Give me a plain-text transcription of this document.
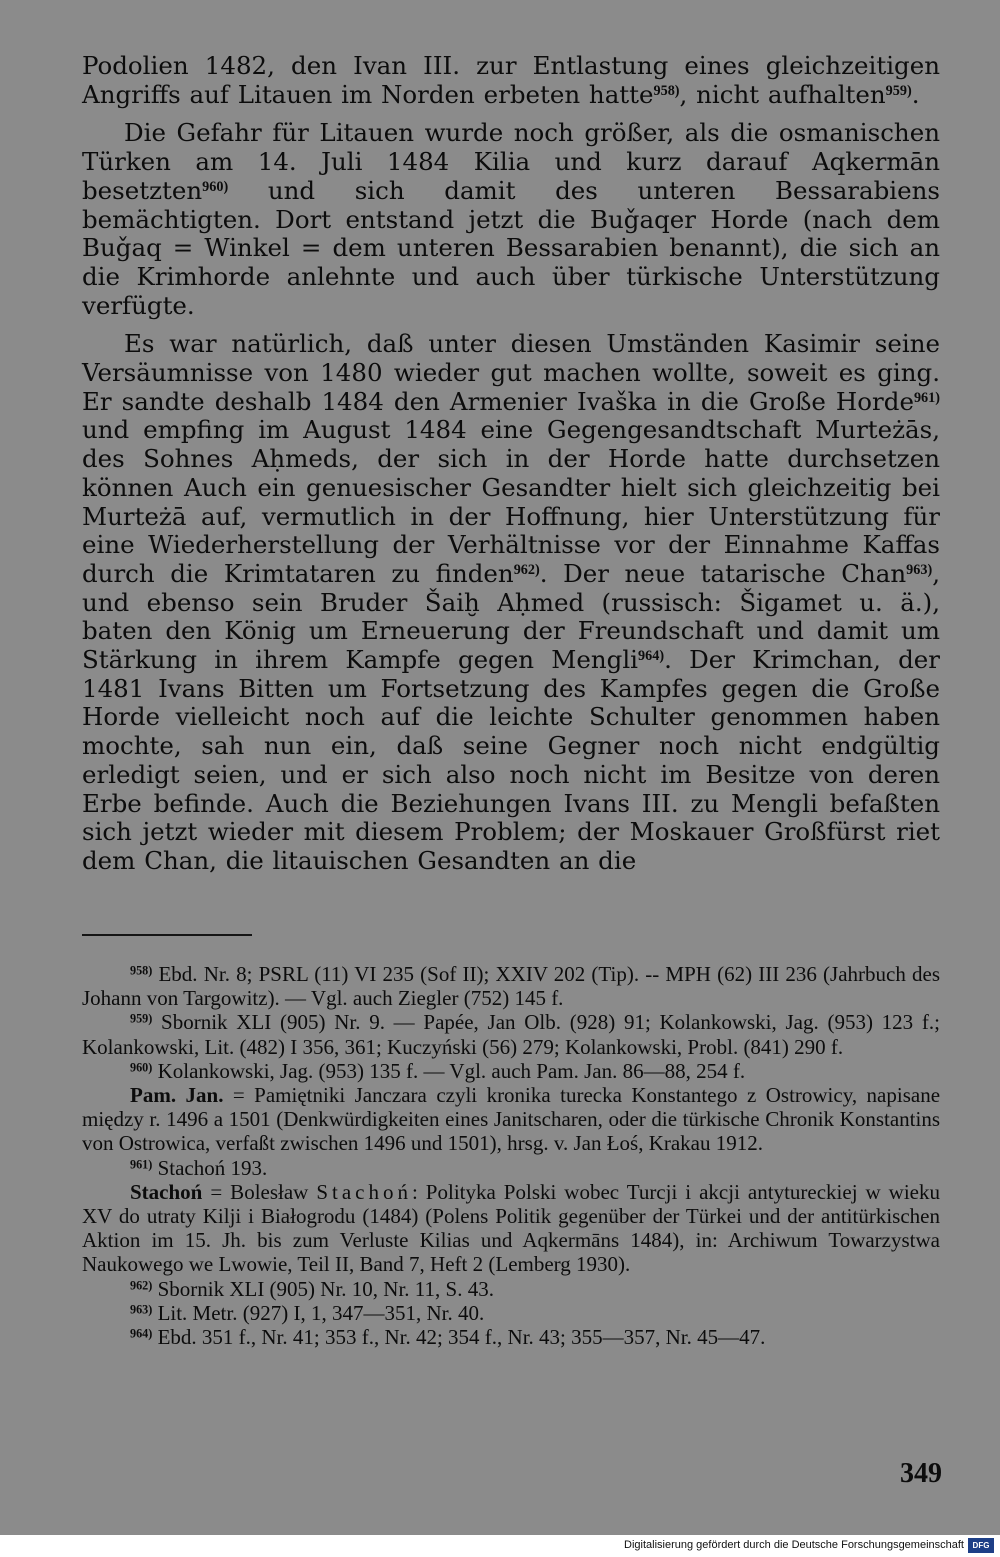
Podolien 1482, den Ivan III. zur Entlastung eines gleichzeitigen Angriffs auf Litauen im Norden erbeten hatte$^{958)}$, nicht aufhalten$^{959)}$.

Die Gefahr für Litauen wurde noch größer, als die osmanischen Türken am 14. Juli 1484 Kilia und kurz darauf Aqkermān besetzten$^{960)}$ und sich damit des unteren Bessarabiens bemächtigten. Dort entstand jetzt die Buǧaqer Horde (nach dem Buǧaq = Winkel = dem unteren Bessarabien benannt), die sich an die Krimhorde anlehnte und auch über türkische Unterstützung verfügte.

Es war natürlich, daß unter diesen Umständen Kasimir seine Versäumnisse von 1480 wieder gut machen wollte, soweit es ging. Er sandte deshalb 1484 den Armenier Ivaška in die Große Horde$^{961)}$ und empfing im August 1484 eine Gegengesandtschaft Murteżās, des Sohnes Aḥmeds, der sich in der Horde hatte durchsetzen können Auch ein genuesischer Gesandter hielt sich gleichzeitig bei Murteżā auf, vermutlich in der Hoffnung, hier Unterstützung für eine Wiederherstellung der Verhältnisse vor der Einnahme Kaffas durch die Krimtataren zu finden$^{962)}$. Der neue tatarische Chan$^{963)}$, und ebenso sein Bruder Šaiḫ Aḥmed (russisch: Šigamet u. ä.), baten den König um Erneuerung der Freundschaft und damit um Stärkung in ihrem Kampfe gegen Mengli$^{964)}$. Der Krimchan, der 1481 Ivans Bitten um Fortsetzung des Kampfes gegen die Große Horde vielleicht noch auf die leichte Schulter genommen haben mochte, sah nun ein, daß seine Gegner noch nicht endgültig erledigt seien, und er sich also noch nicht im Besitze von deren Erbe befinde. Auch die Beziehungen Ivans III. zu Mengli befaßten sich jetzt wieder mit diesem Problem; der Moskauer Großfürst riet dem Chan, die litauischen Gesandten an die

$^{958)}$ Ebd. Nr. 8; PSRL (11) VI 235 (Sof II); XXIV 202 (Tip). -- MPH (62) III 236 (Jahrbuch des Johann von Targowitz). — Vgl. auch Ziegler (752) 145 f.

$^{959)}$ Sbornik XLI (905) Nr. 9. — Papée, Jan Olb. (928) 91; Kolankowski, Jag. (953) 123 f.; Kolankowski, Lit. (482) I 356, 361; Kuczyński (56) 279; Kolankowski, Probl. (841) 290 f.

$^{960)}$ Kolankowski, Jag. (953) 135 f. — Vgl. auch Pam. Jan. 86—88, 254 f.

Pam. Jan. = Pamiętniki Janczara czyli kronika turecka Konstantego z Ostrowicy, napisane między r. 1496 a 1501 (Denkwürdigkeiten eines Janitscharen, oder die türkische Chronik Konstantins von Ostrowica, verfaßt zwischen 1496 und 1501), hrsg. v. Jan Łoś, Krakau 1912.

$^{961)}$ Stachoń 193.

Stachoń = Bolesław Stachoń: Polityka Polski wobec Turcji i akcji antytureckiej w wieku XV do utraty Kilji i Białogrodu (1484) (Polens Politik gegenüber der Türkei und der antitürkischen Aktion im 15. Jh. bis zum Verluste Kilias und Aqkermāns 1484), in: Archiwum Towarzystwa Naukowego we Lwowie, Teil II, Band 7, Heft 2 (Lemberg 1930).

$^{962)}$ Sbornik XLI (905) Nr. 10, Nr. 11, S. 43.

$^{963)}$ Lit. Metr. (927) I, 1, 347—351, Nr. 40.

$^{964)}$ Ebd. 351 f., Nr. 41; 353 f., Nr. 42; 354 f., Nr. 43; 355—357, Nr. 45—47.

349
Digitalisierung gefördert durch die Deutsche Forschungsgemeinschaft	DFG
